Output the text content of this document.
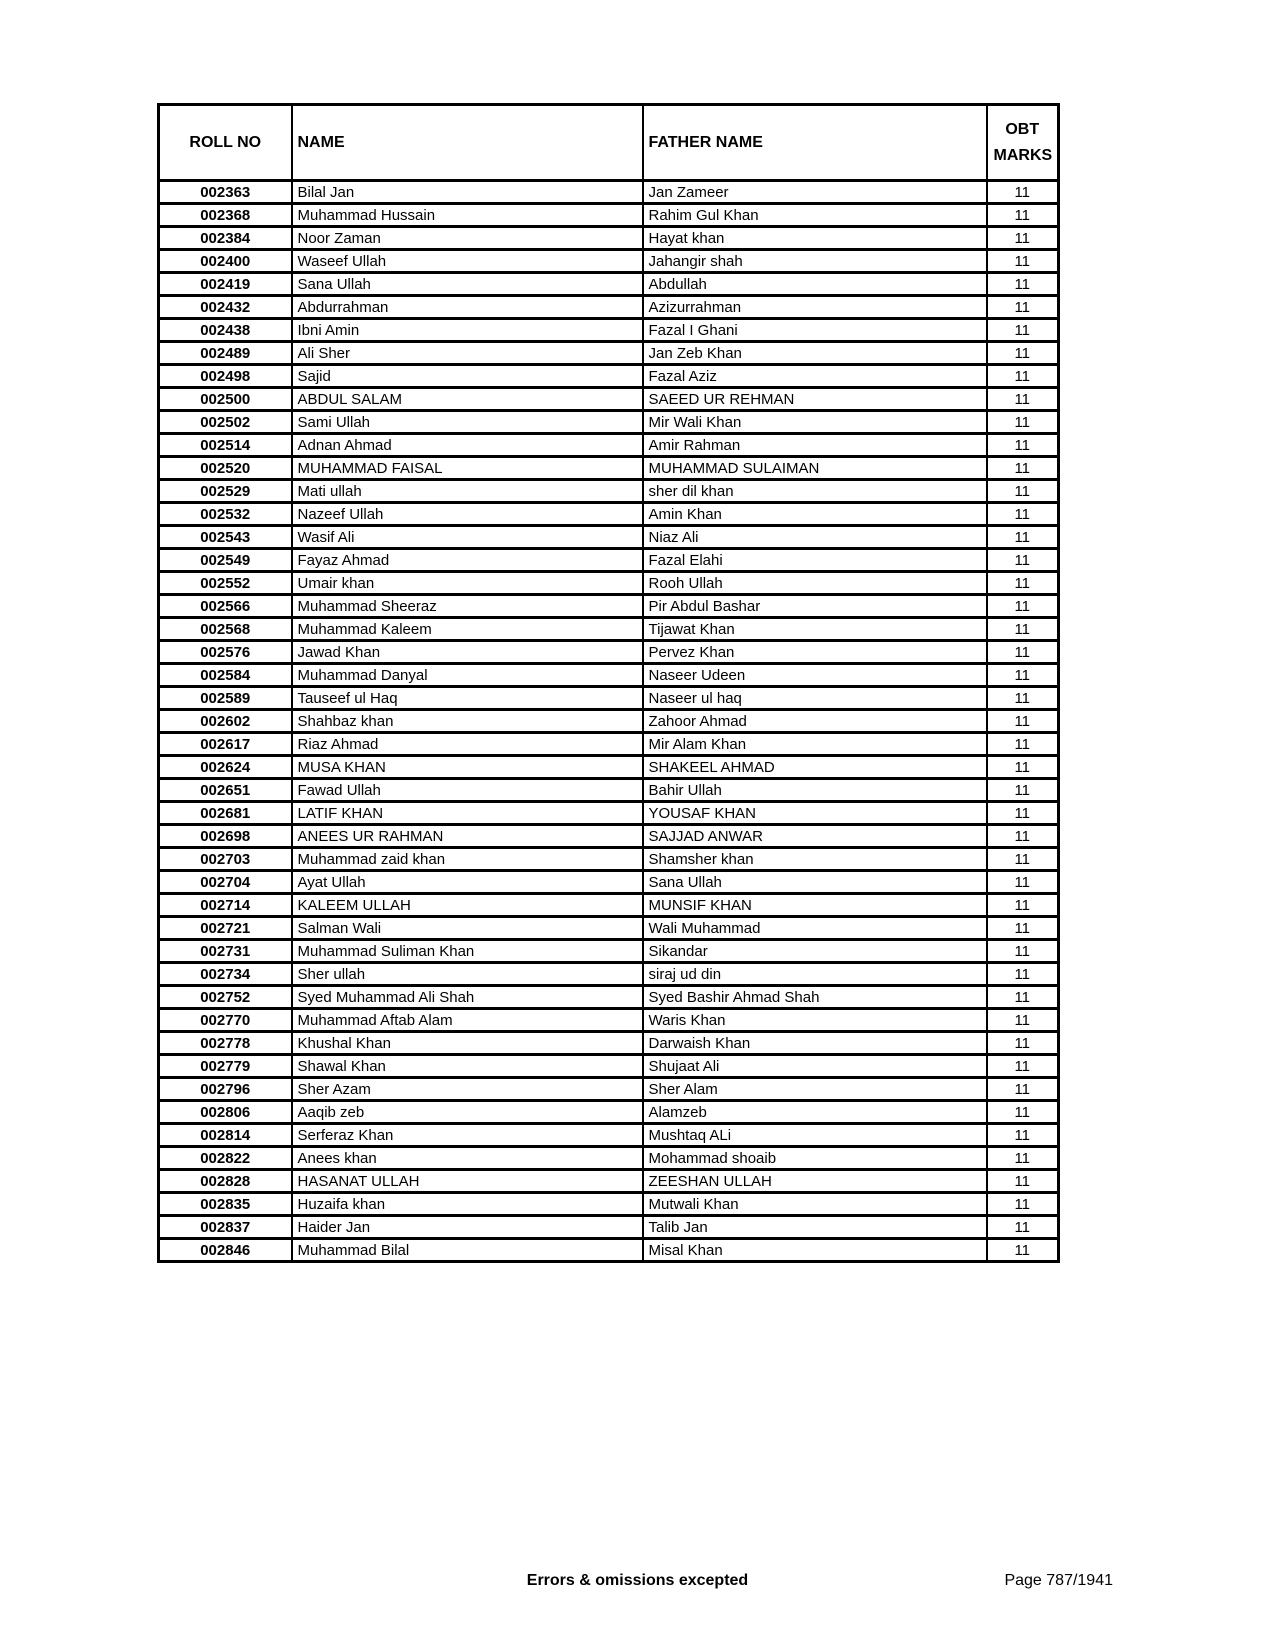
ROLL NO	NAME	FATHER NAME	OBT MARKS
002363	Bilal Jan	Jan Zameer	11
002368	Muhammad Hussain	Rahim Gul Khan	11
002384	Noor Zaman	Hayat khan	11
002400	Waseef Ullah	Jahangir shah	11
002419	Sana Ullah	Abdullah	11
002432	Abdurrahman	Azizurrahman	11
002438	Ibni Amin	Fazal I Ghani	11
002489	Ali Sher	Jan Zeb Khan	11
002498	Sajid	Fazal Aziz	11
002500	ABDUL SALAM	SAEED UR REHMAN	11
002502	Sami Ullah	Mir Wali Khan	11
002514	Adnan Ahmad	Amir Rahman	11
002520	MUHAMMAD FAISAL	MUHAMMAD SULAIMAN	11
002529	Mati ullah	sher dil khan	11
002532	Nazeef Ullah	Amin Khan	11
002543	Wasif Ali	Niaz Ali	11
002549	Fayaz Ahmad	Fazal Elahi	11
002552	Umair khan	Rooh Ullah	11
002566	Muhammad Sheeraz	Pir Abdul Bashar	11
002568	Muhammad Kaleem	Tijawat Khan	11
002576	Jawad Khan	Pervez Khan	11
002584	Muhammad Danyal	Naseer Udeen	11
002589	Tauseef ul Haq	Naseer ul haq	11
002602	Shahbaz khan	Zahoor Ahmad	11
002617	Riaz Ahmad	Mir Alam Khan	11
002624	MUSA KHAN	SHAKEEL AHMAD	11
002651	Fawad Ullah	Bahir Ullah	11
002681	LATIF KHAN	YOUSAF KHAN	11
002698	ANEES UR RAHMAN	SAJJAD ANWAR	11
002703	Muhammad zaid khan	Shamsher khan	11
002704	Ayat Ullah	Sana Ullah	11
002714	KALEEM ULLAH	MUNSIF KHAN	11
002721	Salman Wali	Wali Muhammad	11
002731	Muhammad Suliman Khan	Sikandar	11
002734	Sher ullah	siraj ud din	11
002752	Syed Muhammad Ali Shah	Syed Bashir Ahmad Shah	11
002770	Muhammad Aftab Alam	Waris Khan	11
002778	Khushal Khan	Darwaish Khan	11
002779	Shawal Khan	Shujaat Ali	11
002796	Sher Azam	Sher Alam	11
002806	Aaqib zeb	Alamzeb	11
002814	Serferaz Khan	Mushtaq ALi	11
002822	Anees khan	Mohammad shoaib	11
002828	HASANAT ULLAH	ZEESHAN ULLAH	11
002835	Huzaifa khan	Mutwali Khan	11
002837	Haider Jan	Talib Jan	11
002846	Muhammad Bilal	Misal Khan	11
Errors & omissions excepted	Page 787/1941
